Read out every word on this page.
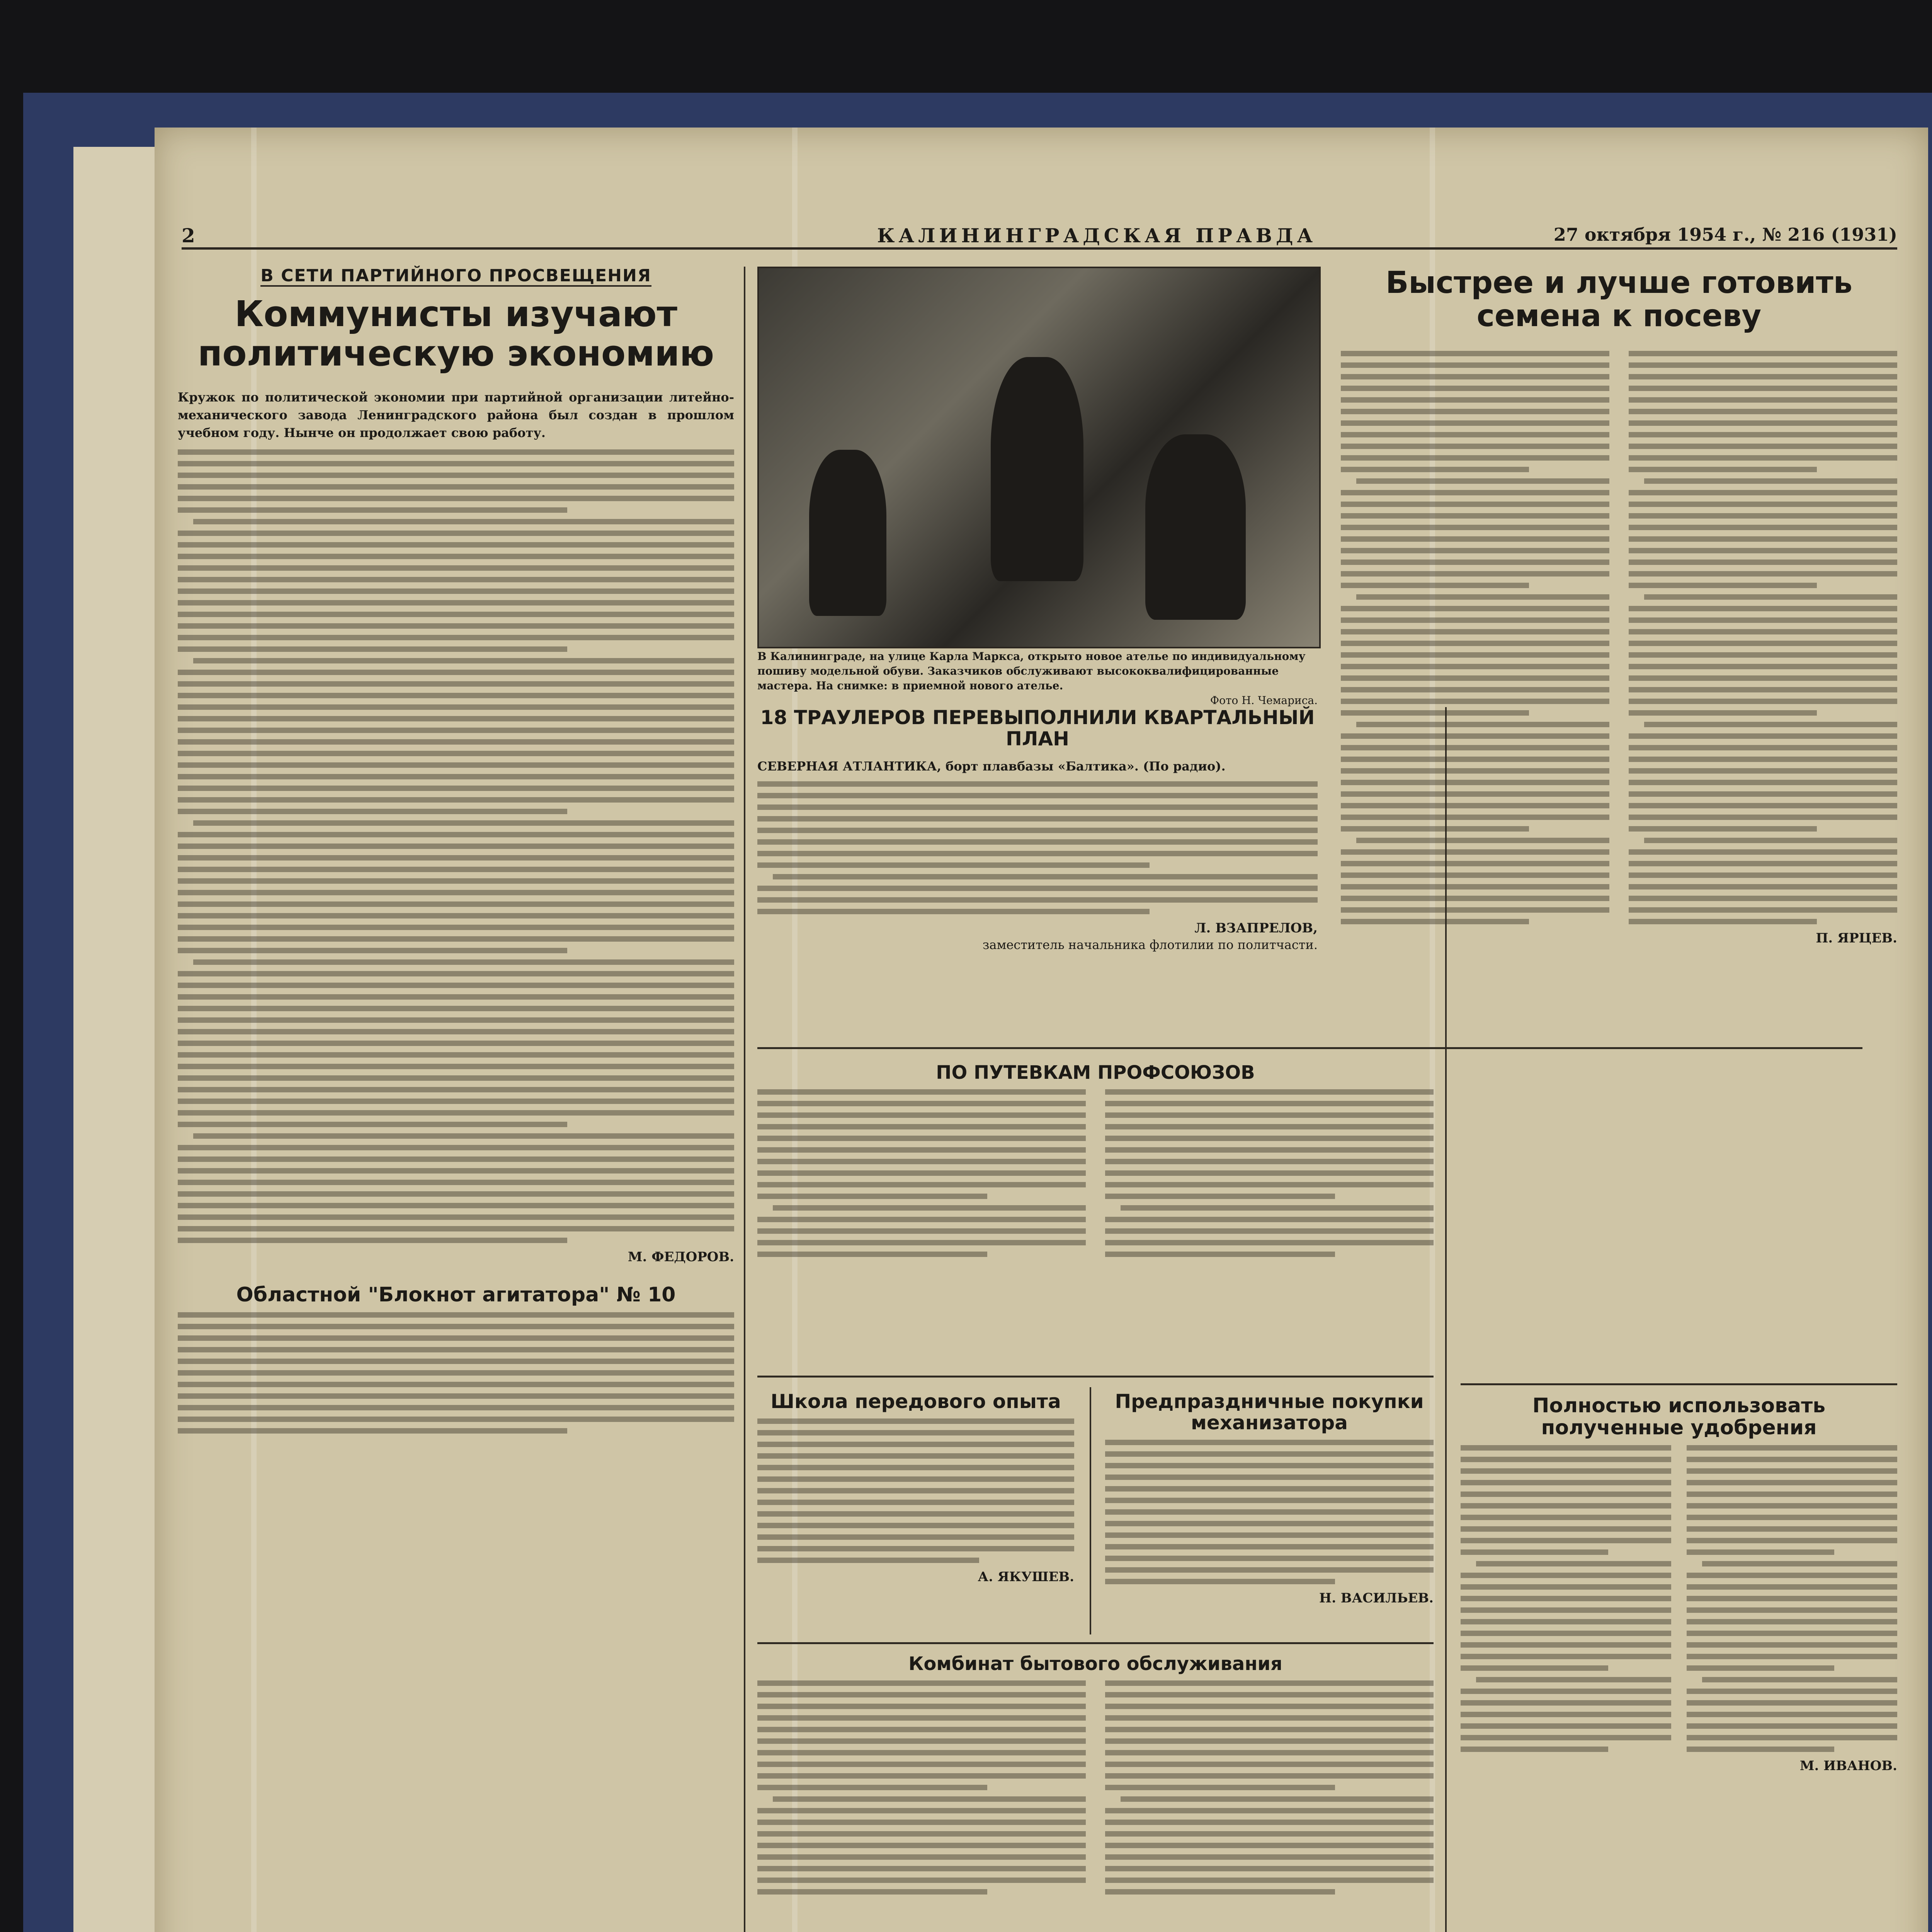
2	КАЛИНИНГРАДСКАЯ ПРАВДА	27 октября 1954 г., № 216 (1931)
В СЕТИ ПАРТИЙНОГО ПРОСВЕЩЕНИЯ
Коммунисты изучают политическую экономию
Кружок по политической экономии при партийной организации литейно-механического завода Ленинградского района был создан в прошлом учебном году. Нынче он продолжает свою работу.
М. ФЕДОРОВ.
Областной "Блокнот агитатора" № 10
В Калининграде, на улице Карла Маркса, открыто новое ателье по индивидуальному пошиву модельной обуви. Заказчиков обслуживают высококвалифицированные мастера. На снимке: в приемной нового ателье.
Фото Н. Чемариса.
18 ТРАУЛЕРОВ ПЕРЕВЫПОЛНИЛИ КВАРТАЛЬНЫЙ ПЛАН
СЕВЕРНАЯ АТЛАНТИКА, борт плавбазы «Балтика». (По радио).
Л. ВЗАПРЕЛОВ,
заместитель начальника флотилии по политчасти.
ПО ПУТЕВКАМ ПРОФСОЮЗОВ
Школа передового опыта
А. ЯКУШЕВ.
Предпраздничные покупки механизатора
Н. ВАСИЛЬЕВ.
Комбинат бытового обслуживания
Быстрее и лучше готовить семена к посеву
П. ЯРЦЕВ.
Полностью использовать полученные удобрения
М. ИВАНОВ.
